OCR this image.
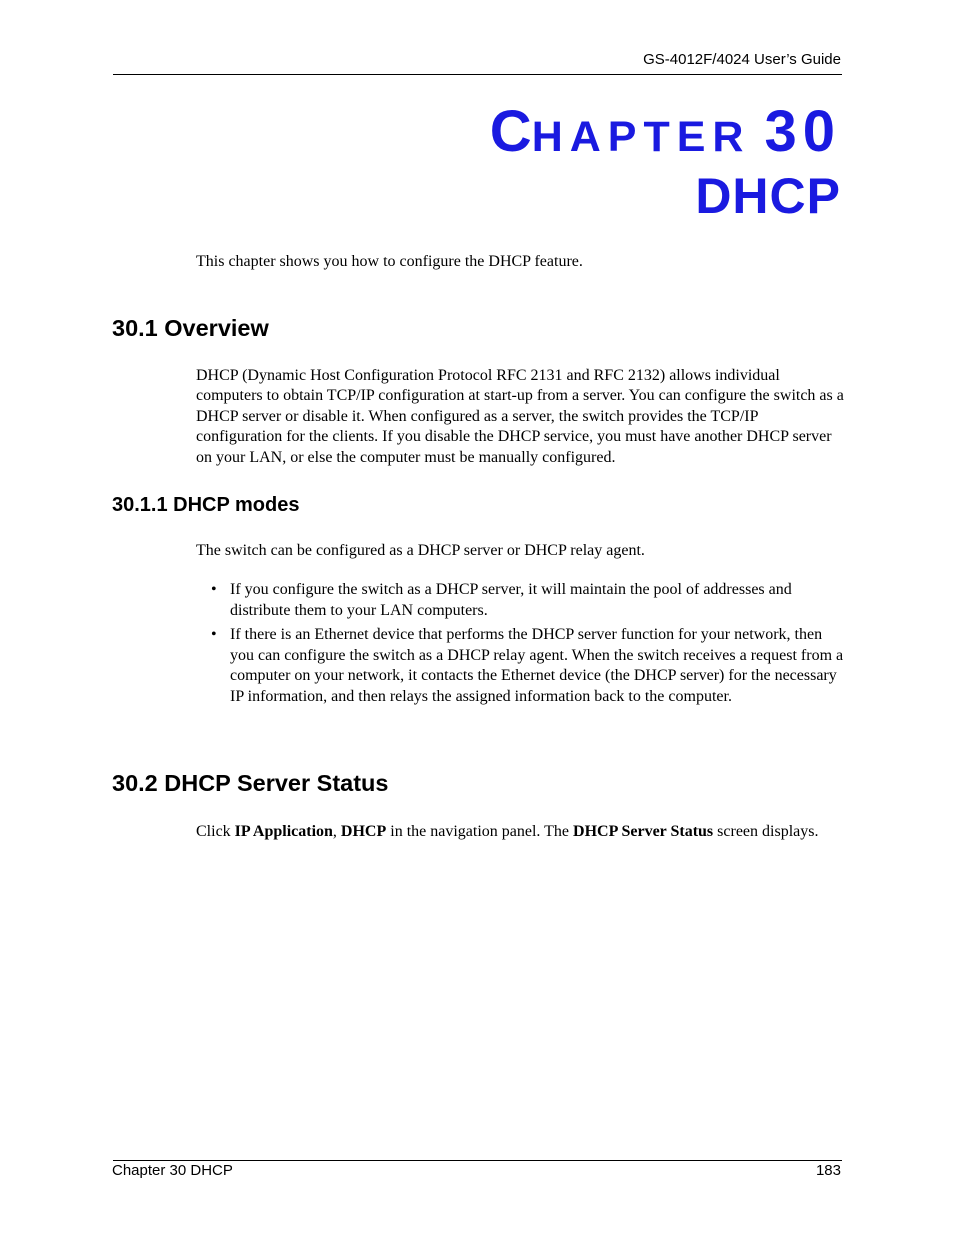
GS-4012F/4024 User’s Guide
CHAPTER 30
DHCP
This chapter shows you how to configure the DHCP feature.
30.1 Overview
DHCP (Dynamic Host Configuration Protocol RFC 2131 and RFC 2132) allows individual computers to obtain TCP/IP configuration at start-up from a server. You can configure the switch as a DHCP server or disable it. When configured as a server, the switch provides the TCP/IP configuration for the clients. If you disable the DHCP service, you must have another DHCP server on your LAN, or else the computer must be manually configured.
30.1.1 DHCP modes
The switch can be configured as a DHCP server or DHCP relay agent.
• If you configure the switch as a DHCP server, it will maintain the pool of addresses and distribute them to your LAN computers.
• If there is an Ethernet device that performs the DHCP server function for your network, then you can configure the switch as a DHCP relay agent. When the switch receives a request from a computer on your network, it contacts the Ethernet device (the DHCP server) for the necessary IP information, and then relays the assigned information back to the computer.
30.2 DHCP Server Status
Click IP Application, DHCP in the navigation panel. The DHCP Server Status screen displays.
Chapter 30 DHCP	183
